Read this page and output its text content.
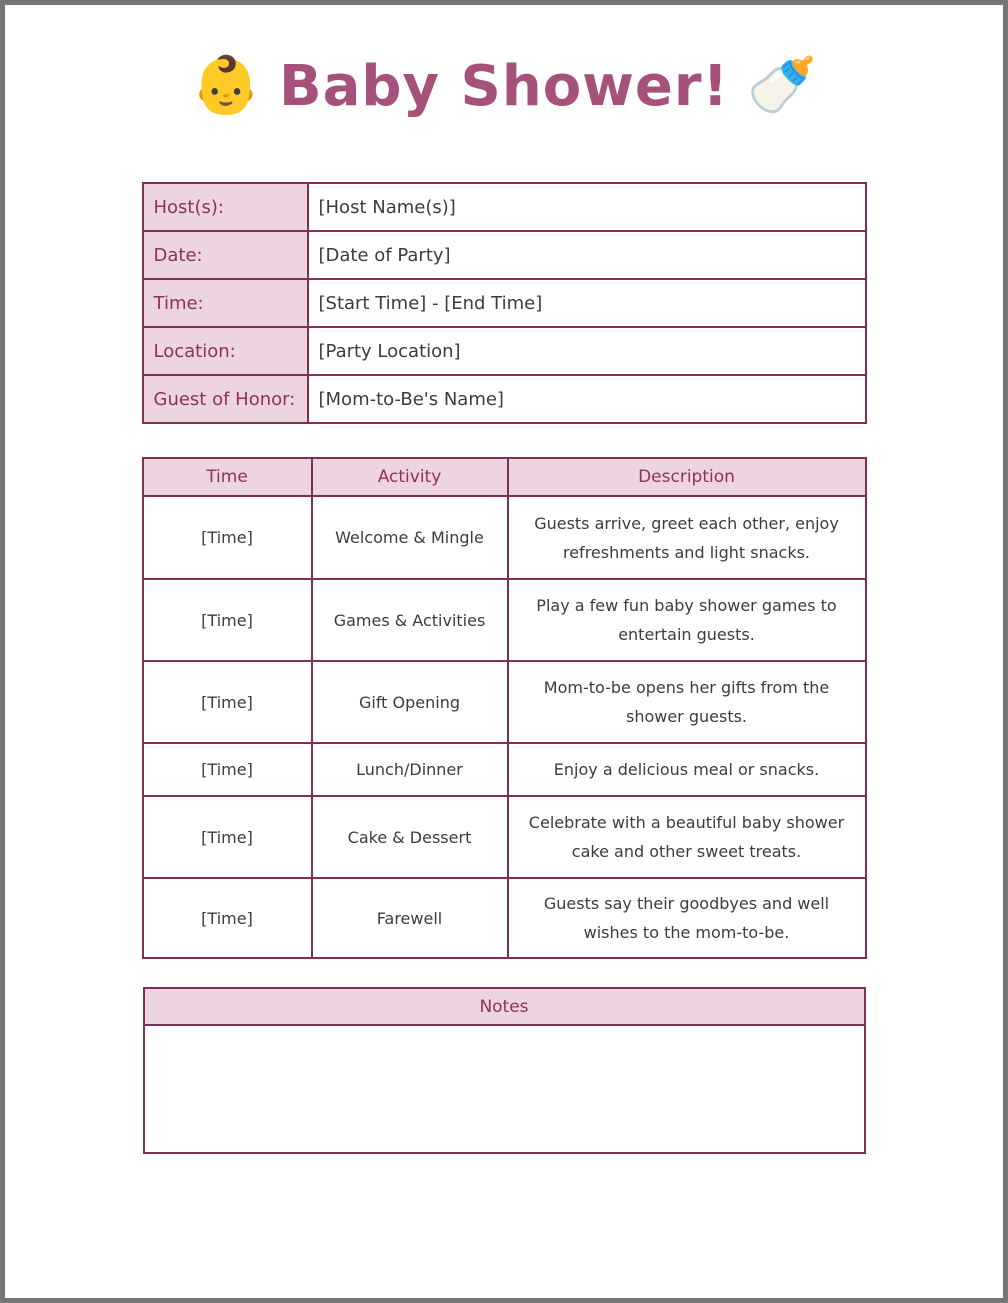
👶 Baby Shower! 🍼
Host(s):	[Host Name(s)]
Date:	[Date of Party]
Time:	[Start Time] - [End Time]
Location:	[Party Location]
Guest of Honor:	[Mom-to-Be's Name]
Time	Activity	Description
[Time]	Welcome & Mingle	Guests arrive, greet each other, enjoy refreshments and light snacks.
[Time]	Games & Activities	Play a few fun baby shower games to entertain guests.
[Time]	Gift Opening	Mom-to-be opens her gifts from the shower guests.
[Time]	Lunch/Dinner	Enjoy a delicious meal or snacks.
[Time]	Cake & Dessert	Celebrate with a beautiful baby shower cake and other sweet treats.
[Time]	Farewell	Guests say their goodbyes and well wishes to the mom-to-be.
Notes
